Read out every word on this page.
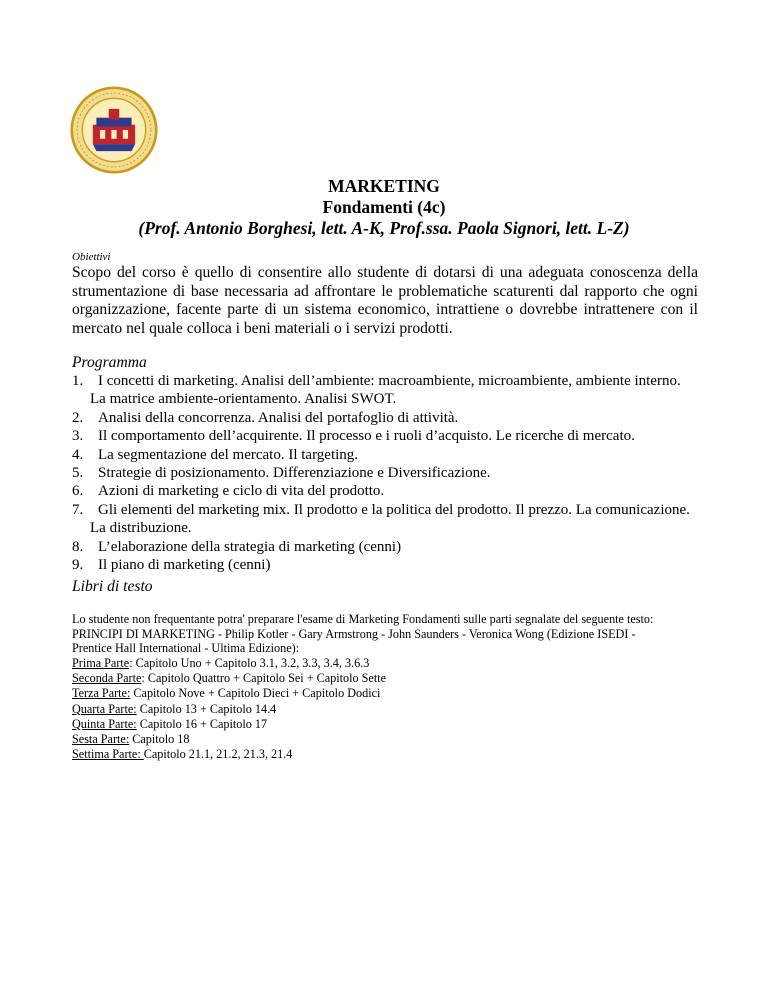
MARKETING
Fondamenti (4c)
(Prof. Antonio Borghesi, lett. A-K, Prof.ssa. Paola Signori, lett. L-Z)
Obiettivi
Scopo del corso è quello di consentire allo studente di dotarsi di una adeguata conoscenza della strumentazione di base necessaria ad affrontare le problematiche scaturenti dal rapporto che ogni organizzazione, facente parte di un sistema economico, intrattiene o dovrebbe intrattenere con il mercato nel quale colloca i beni materiali o i servizi prodotti.
Programma
1. I concetti di marketing. Analisi dell’ambiente: macroambiente, microambiente, ambiente interno.
La matrice ambiente-orientamento. Analisi SWOT.
2. Analisi della concorrenza. Analisi del portafoglio di attività.
3. Il comportamento dell’acquirente. Il processo e i ruoli d’acquisto. Le ricerche di mercato.
4. La segmentazione del mercato. Il targeting.
5. Strategie di posizionamento. Differenziazione e Diversificazione.
6. Azioni di marketing e ciclo di vita del prodotto.
7. Gli elementi del marketing mix. Il prodotto e la politica del prodotto. Il prezzo. La comunicazione.
La distribuzione.
8. L’elaborazione della strategia di marketing (cenni)
9. Il piano di marketing (cenni)
Libri di testo
Lo studente non frequentante potra' preparare l'esame di Marketing Fondamenti sulle parti segnalate del seguente testo:
PRINCIPI DI MARKETING - Philip Kotler - Gary Armstrong - John Saunders - Veronica Wong (Edizione ISEDI -
Prentice Hall International - Ultima Edizione):
Prima Parte: Capitolo Uno + Capitolo 3.1, 3.2, 3.3, 3.4, 3.6.3
Seconda Parte: Capitolo Quattro + Capitolo Sei + Capitolo Sette
Terza Parte: Capitolo Nove + Capitolo Dieci + Capitolo Dodici
Quarta Parte: Capitolo 13 + Capitolo 14.4
Quinta Parte: Capitolo 16 + Capitolo 17
Sesta Parte: Capitolo 18
Settima Parte: Capitolo 21.1, 21.2, 21.3, 21.4
